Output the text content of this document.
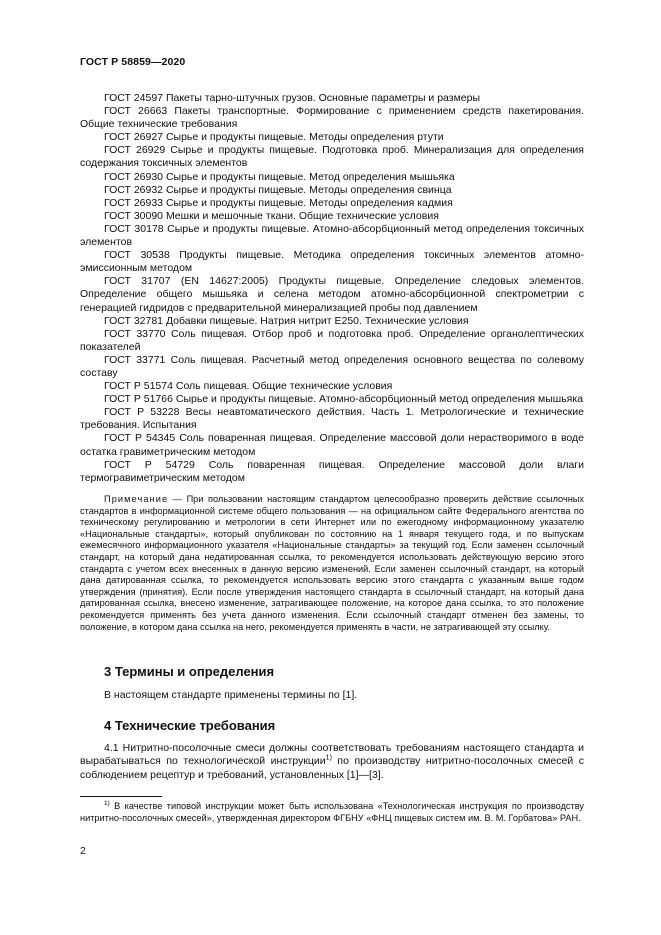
ГОСТ Р 58859—2020

ГОСТ 24597 Пакеты тарно-штучных грузов. Основные параметры и размеры

ГОСТ 26663 Пакеты транспортные. Формирование с применением средств пакетирования. Общие технические требования

ГОСТ 26927 Сырье и продукты пищевые. Методы определения ртути

ГОСТ 26929 Сырье и продукты пищевые. Подготовка проб. Минерализация для определения содержания токсичных элементов

ГОСТ 26930 Сырье и продукты пищевые. Метод определения мышьяка

ГОСТ 26932 Сырье и продукты пищевые. Методы определения свинца

ГОСТ 26933 Сырье и продукты пищевые. Методы определения кадмия

ГОСТ 30090 Мешки и мешочные ткани. Общие технические условия

ГОСТ 30178 Сырье и продукты пищевые. Атомно-абсорбционный метод определения токсичных элементов

ГОСТ 30538 Продукты пищевые. Методика определения токсичных элементов атомно-эмиссионным методом

ГОСТ 31707 (EN 14627:2005) Продукты пищевые. Определение следовых элементов. Определение общего мышьяка и селена методом атомно-абсорбционной спектрометрии с генерацией гидридов с предварительной минерализацией пробы под давлением

ГОСТ 32781 Добавки пищевые. Натрия нитрит Е250. Технические условия

ГОСТ 33770 Соль пищевая. Отбор проб и подготовка проб. Определение органолептических показателей

ГОСТ 33771 Соль пищевая. Расчетный метод определения основного вещества по солевому составу

ГОСТ Р 51574 Соль пищевая. Общие технические условия

ГОСТ Р 51766 Сырье и продукты пищевые. Атомно-абсорбционный метод определения мышьяка

ГОСТ Р 53228 Весы неавтоматического действия. Часть 1. Метрологические и технические требования. Испытания

ГОСТ Р 54345 Соль поваренная пищевая. Определение массовой доли нерастворимого в воде остатка гравиметрическим методом

ГОСТ Р 54729 Соль поваренная пищевая. Определение массовой доли влаги термогравиметрическим методом

Примечание — При пользовании настоящим стандартом целесообразно проверить действие ссылочных стандартов в информационной системе общего пользования — на официальном сайте Федерального агентства по техническому регулированию и метрологии в сети Интернет или по ежегодному информационному указателю «Национальные стандарты», который опубликован по состоянию на 1 января текущего года, и по выпускам ежемесячного информационного указателя «Национальные стандарты» за текущий год. Если заменен ссылочный стандарт, на который дана недатированная ссылка, то рекомендуется использовать действующую версию этого стандарта с учетом всех внесенных в данную версию изменений. Если заменен ссылочный стандарт, на который дана датированная ссылка, то рекомендуется использовать версию этого стандарта с указанным выше годом утверждения (принятия). Если после утверждения настоящего стандарта в ссылочный стандарт, на который дана датированная ссылка, внесено изменение, затрагивающее положение, на которое дана ссылка, то это положение рекомендуется применять без учета данного изменения. Если ссылочный стандарт отменен без замены, то положение, в котором дана ссылка на него, рекомендуется применять в части, не затрагивающей эту ссылку.

3 Термины и определения
В настоящем стандарте применены термины по [1].
4 Технические требования

4.1 Нитритно-посолочные смеси должны соответствовать требованиям настоящего стандарта и вырабатываться по технологической инструкции$^{1)}$ по производству нитритно-посолочных смесей с соблюдением рецептур и требований, установленных [1]—[3].

$^{1)}$ В качестве типовой инструкции может быть использована «Технологическая инструкция по производству нитритно-посолочных смесей», утвержденная директором ФГБНУ «ФНЦ пищевых систем им. В. М. Горбатова» РАН.

2
